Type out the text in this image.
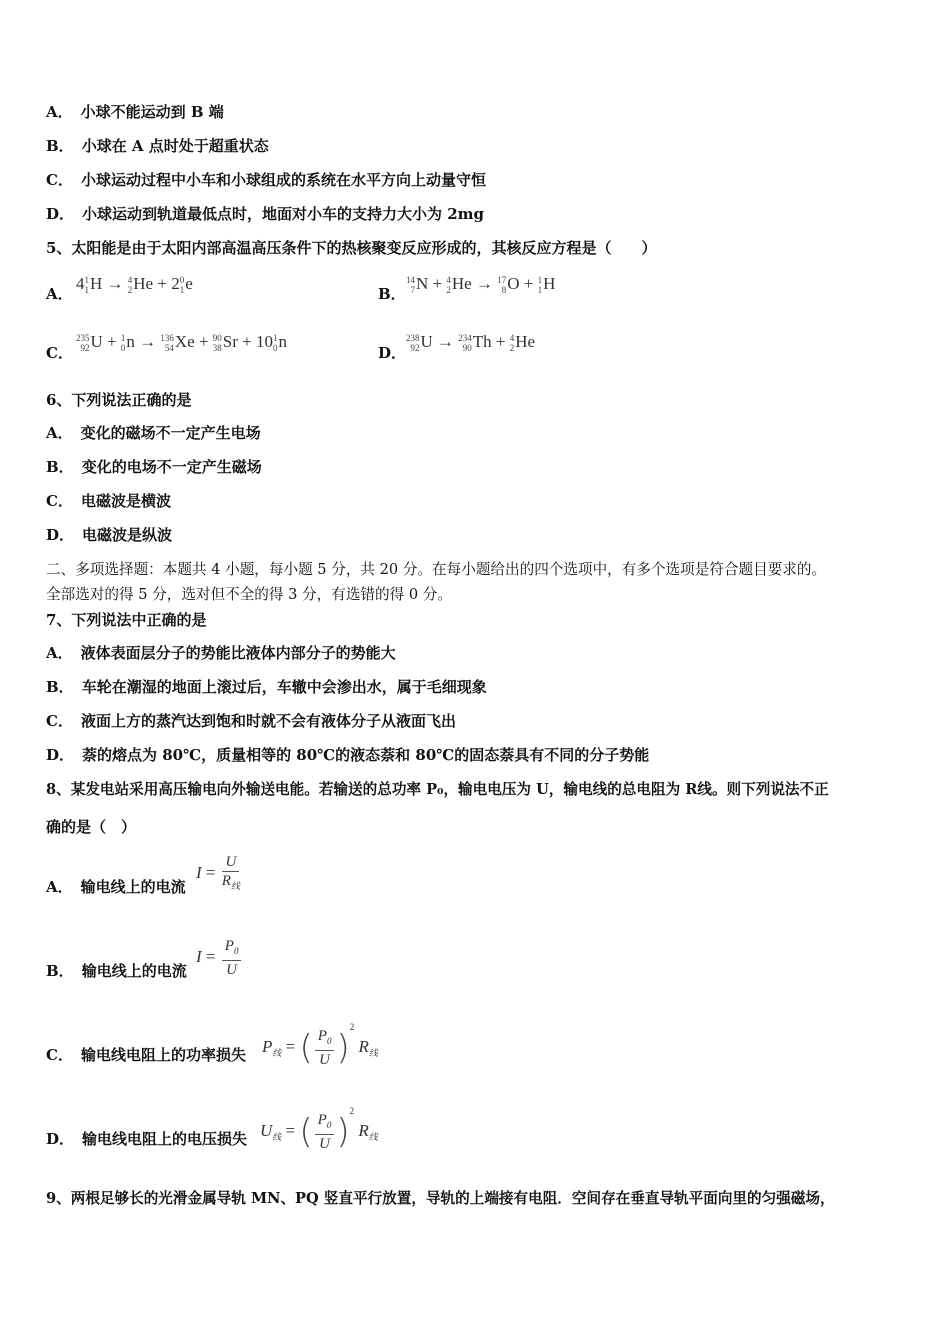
A． 小球不能运动到 B 端
B． 小球在 A 点时处于超重状态
C． 小球运动过程中小车和小球组成的系统在水平方向上动量守恒
D． 小球运动到轨道最低点时，地面对小车的支持力大小为 2mg
5、太阳能是由于太阳内部高温高压条件下的热核聚变反应形成的，其核反应方程是（　　）
A．
4 1
1 H → 4
2 He + 2 0
1 e
B．
14
7 N + 4
2 He → 17
8 O + 1
1 H
C．
235
92 U + 1
0 n → 136
54 Xe + 90
38 Sr + 10 1
0 n
D．
238
92 U → 234
90 Th + 4
2 He
6、下列说法正确的是
A． 变化的磁场不一定产生电场
B． 变化的电场不一定产生磁场
C． 电磁波是横波
D． 电磁波是纵波
二、多项选择题：本题共 4 小题，每小题 5 分，共 20 分。在每小题给出的四个选项中，有多个选项是符合题目要求的。
全部选对的得 5 分，选对但不全的得 3 分，有选错的得 0 分。
7、下列说法中正确的是
A． 液体表面层分子的势能比液体内部分子的势能大
B． 车轮在潮湿的地面上滚过后，车辙中会渗出水，属于毛细现象
C． 液面上方的蒸汽达到饱和时就不会有液体分子从液面飞出
D． 萘的熔点为 80℃，质量相等的 80℃的液态萘和 80℃的固态萘具有不同的分子势能
8、某发电站采用高压输电向外输送电能。若输送的总功率 P₀，输电电压为 U，输电线的总电阻为 R线。则下列说法不正
确的是（　）
A． 输电线上的电流
$I = \frac{U}{R_线}$
B． 输电线上的电流
$I = \frac{P_0}{U}$
C． 输电线电阻上的功率损失 $P_线$ = ( $\frac{P_0}{U} )^2$ $R_线$
D． 输电线电阻上的电压损失 $U_线$ = ( $\frac{P_0}{U} )^2$ $R_线$
9、两根足够长的光滑金属导轨 MN、PQ 竖直平行放置，导轨的上端接有电阻．空间存在垂直导轨平面向里的匀强磁场，
